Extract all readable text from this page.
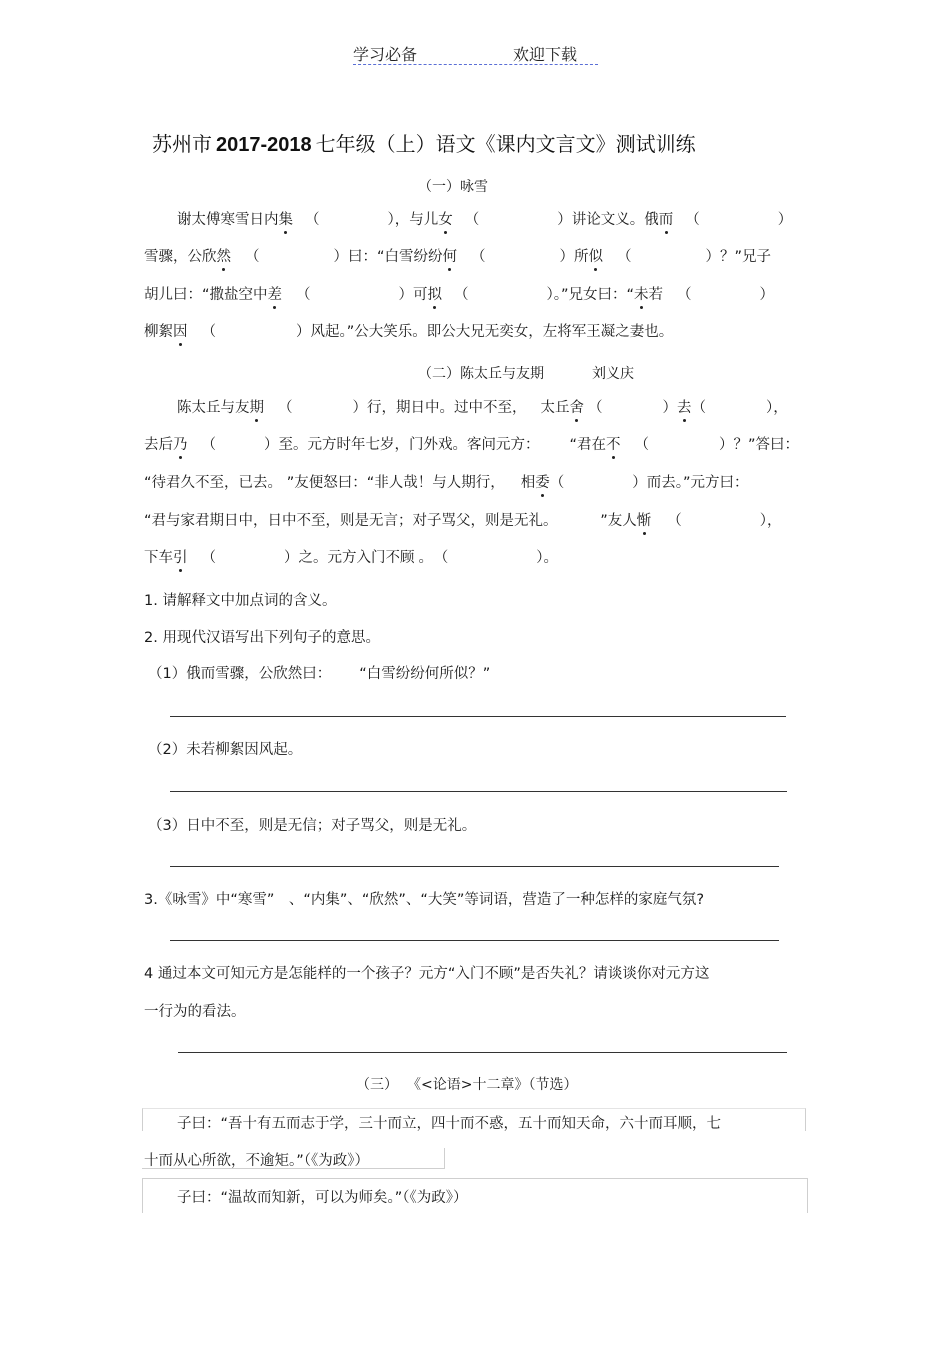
学习必备	欢迎下载
苏州市 2017-2018 七年级（上）语文《课内文言文》测试训练
（一）咏雪
谢太傅寒雪日内集 （	），与儿女 （	）讲论文义。俄而 （	）
雪骤，公欣然 （	）曰：“白雪纷纷何 （	）所似 （	）？”兄子
胡儿曰：“撒盐空中差 （	）可拟 （	）。”兄女曰：“未若 （	）
柳絮因 （	）风起。”公大笑乐。即公大兄无奕女，左将军王凝之妻也。
（二）陈太丘与友期	刘义庆
陈太丘与友期 （	）行，期日中。过中不至， 太丘舍 （	）去（	），
去后乃 （	）至。元方时年七岁，门外戏。客问元方： “君在不 （	）？”答曰：
“待君久不至，已去。 ”友便怒曰：“非人哉！与人期行， 相委（	）而去。”元方曰：
“君与家君期日中，日中不至，则是无言；对子骂父，则是无礼。	”友人惭 （	），
下车引 （	）之。元方入门不顾 。 （	）。
1. 请解释文中加点词的含义。
2. 用现代汉语写出下列句子的意思。
（1）俄而雪骤，公欣然曰： “白雪纷纷何所似？”
（2）未若柳絮因风起。
（3）日中不至，则是无信；对子骂父，则是无礼。
3.《咏雪》中“寒雪”　、“内集”、“欣然”、“大笑”等词语，营造了一种怎样的家庭气氛?
4 通过本文可知元方是怎能样的一个孩子？元方“入门不顾”是否失礼？请谈谈你对元方这
一行为的看法。
（三） 《<论语>十二章》（节选）
子曰：“吾十有五而志于学，三十而立，四十而不惑，五十而知天命，六十而耳顺，七
十而从心所欲，不逾矩。”（《为政》）
子曰：“温故而知新，可以为师矣。”（《为政》）
